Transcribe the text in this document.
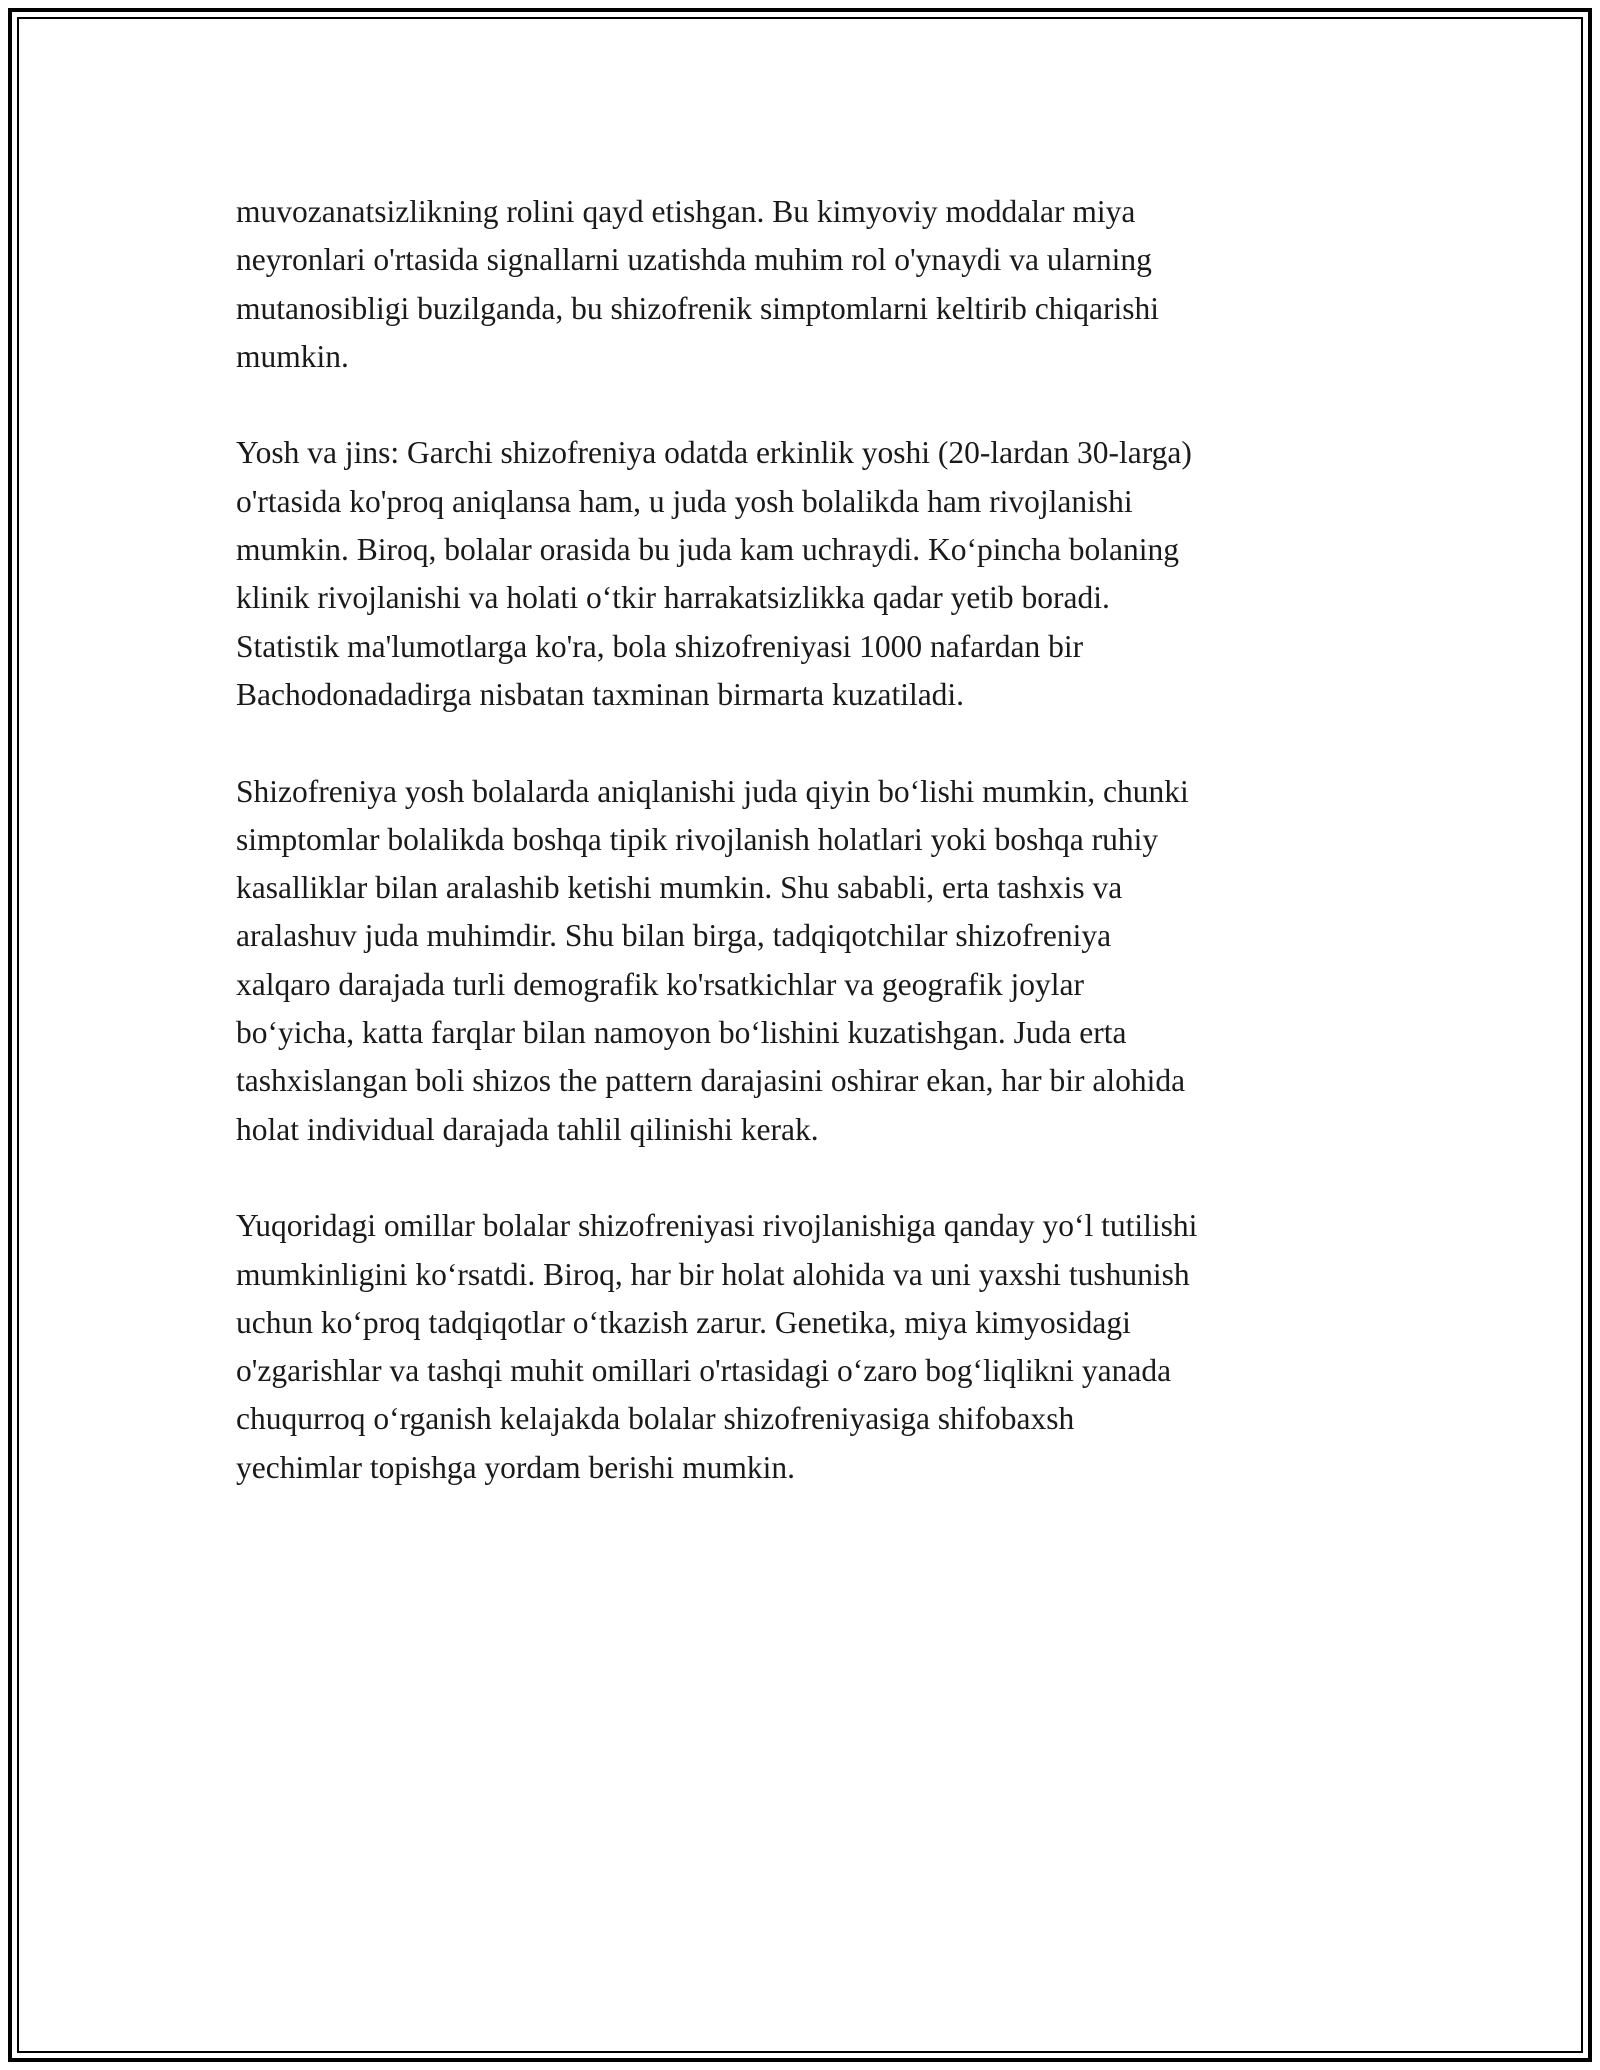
muvozanatsizlikning rolini qayd etishgan. Bu kimyoviy moddalar miya
neyronlari o'rtasida signallarni uzatishda muhim rol o'ynaydi va ularning
mutanosibligi buzilganda, bu shizofrenik simptomlarni keltirib chiqarishi
mumkin.

Yosh va jins: Garchi shizofreniya odatda erkinlik yoshi (20-lardan 30-larga)
o'rtasida ko'proq aniqlansa ham, u juda yosh bolalikda ham rivojlanishi
mumkin. Biroq, bolalar orasida bu juda kam uchraydi. Ko‘pincha bolaning
klinik rivojlanishi va holati o‘tkir harrakatsizlikka qadar yetib boradi.
Statistik ma'lumotlarga ko'ra, bola shizofreniyasi 1000 nafardan bir
Bachodonadadirga nisbatan taxminan birmarta kuzatiladi.

Shizofreniya yosh bolalarda aniqlanishi juda qiyin bo‘lishi mumkin, chunki
simptomlar bolalikda boshqa tipik rivojlanish holatlari yoki boshqa ruhiy
kasalliklar bilan aralashib ketishi mumkin. Shu sababli, erta tashxis va
aralashuv juda muhimdir. Shu bilan birga, tadqiqotchilar shizofreniya
xalqaro darajada turli demografik ko'rsatkichlar va geografik joylar
bo‘yicha, katta farqlar bilan namoyon bo‘lishini kuzatishgan. Juda erta
tashxislangan boli shizos the pattern darajasini oshirar ekan, har bir alohida
holat individual darajada tahlil qilinishi kerak.

Yuqoridagi omillar bolalar shizofreniyasi rivojlanishiga qanday yo‘l tutilishi
mumkinligini ko‘rsatdi. Biroq, har bir holat alohida va uni yaxshi tushunish
uchun ko‘proq tadqiqotlar o‘tkazish zarur. Genetika, miya kimyosidagi
o'zgarishlar va tashqi muhit omillari o'rtasidagi o‘zaro bog‘liqlikni yanada
chuqurroq o‘rganish kelajakda bolalar shizofreniyasiga shifobaxsh
yechimlar topishga yordam berishi mumkin.
